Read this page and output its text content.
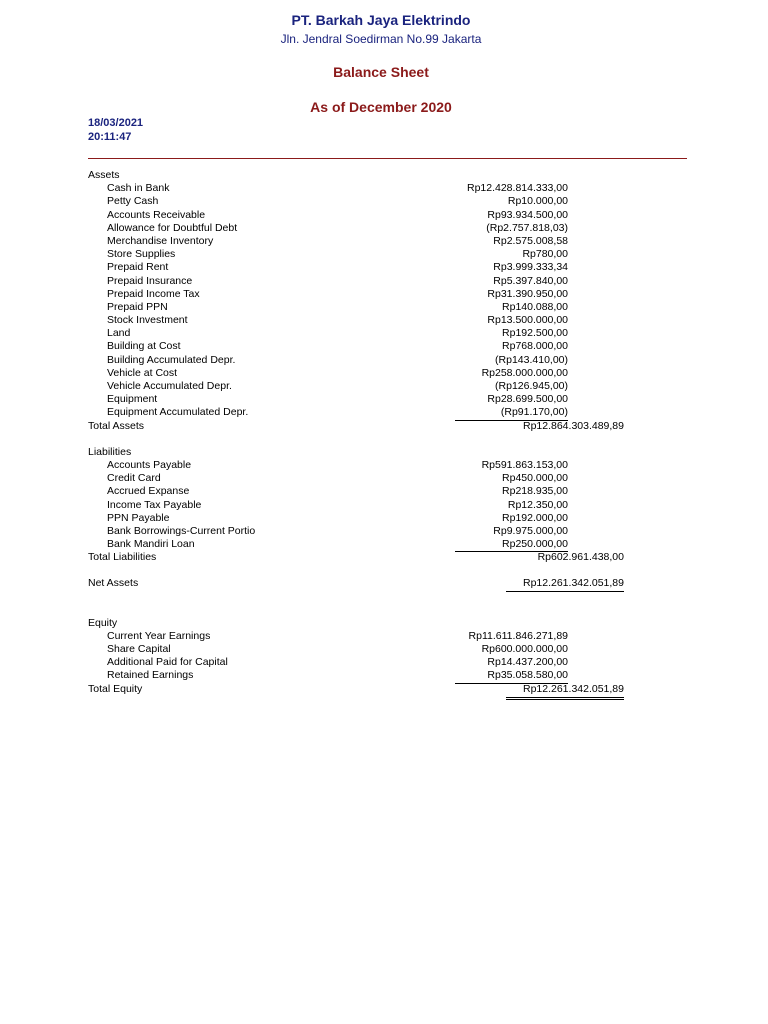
PT. Barkah Jaya Elektrindo
Jln. Jendral Soedirman No.99 Jakarta
Balance Sheet
As of December 2020
18/03/2021
20:11:47
Assets
Cash in Bank	Rp12.428.814.333,00
Petty Cash	Rp10.000,00
Accounts Receivable	Rp93.934.500,00
Allowance for Doubtful Debt	(Rp2.757.818,03)
Merchandise Inventory	Rp2.575.008,58
Store Supplies	Rp780,00
Prepaid Rent	Rp3.999.333,34
Prepaid Insurance	Rp5.397.840,00
Prepaid Income Tax	Rp31.390.950,00
Prepaid PPN	Rp140.088,00
Stock Investment	Rp13.500.000,00
Land	Rp192.500,00
Building at Cost	Rp768.000,00
Building Accumulated Depr.	(Rp143.410,00)
Vehicle at Cost	Rp258.000.000,00
Vehicle Accumulated Depr.	(Rp126.945,00)
Equipment	Rp28.699.500,00
Equipment Accumulated Depr.	(Rp91.170,00)
Total Assets	Rp12.864.303.489,89
Liabilities
Accounts Payable	Rp591.863.153,00
Credit Card	Rp450.000,00
Accrued Expanse	Rp218.935,00
Income Tax Payable	Rp12.350,00
PPN Payable	Rp192.000,00
Bank Borrowings-Current Portio	Rp9.975.000,00
Bank Mandiri Loan	Rp250.000,00
Total Liabilities	Rp602.961.438,00
Net Assets	Rp12.261.342.051,89
Equity
Current Year Earnings	Rp11.611.846.271,89
Share Capital	Rp600.000.000,00
Additional Paid for Capital	Rp14.437.200,00
Retained Earnings	Rp35.058.580,00
Total Equity	Rp12.261.342.051,89
